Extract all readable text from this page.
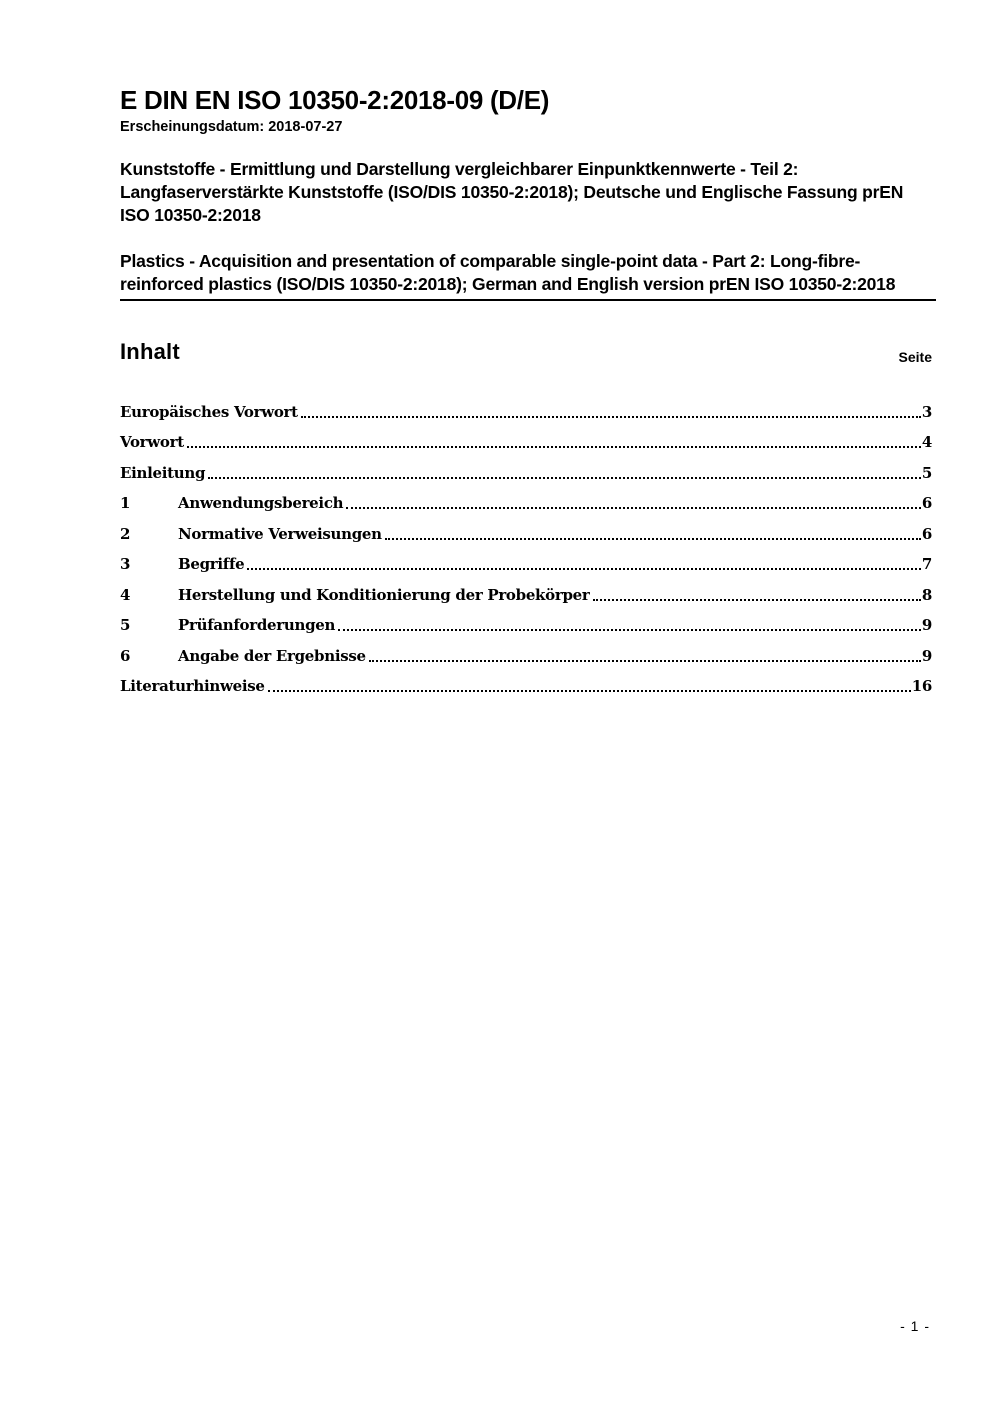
E DIN EN ISO 10350-2:2018-09 (D/E)
Erscheinungsdatum: 2018-07-27

Kunststoffe - Ermittlung und Darstellung vergleichbarer Einpunktkennwerte - Teil 2: Langfaserverstärkte Kunststoffe (ISO/DIS 10350-2:2018); Deutsche und Englische Fassung prEN ISO 10350-2:2018

Plastics - Acquisition and presentation of comparable single-point data - Part 2: Long-fibre-reinforced plastics (ISO/DIS 10350-2:2018); German and English version prEN ISO 10350-2:2018

Inhalt	Seite
Europäisches Vorwort	3
Vorwort	4
Einleitung	5
1	Anwendungsbereich	6
2	Normative Verweisungen	6
3	Begriffe	7
4	Herstellung und Konditionierung der Probekörper	8
5	Prüfanforderungen	9
6	Angabe der Ergebnisse	9
Literaturhinweise	16
- 1 -
